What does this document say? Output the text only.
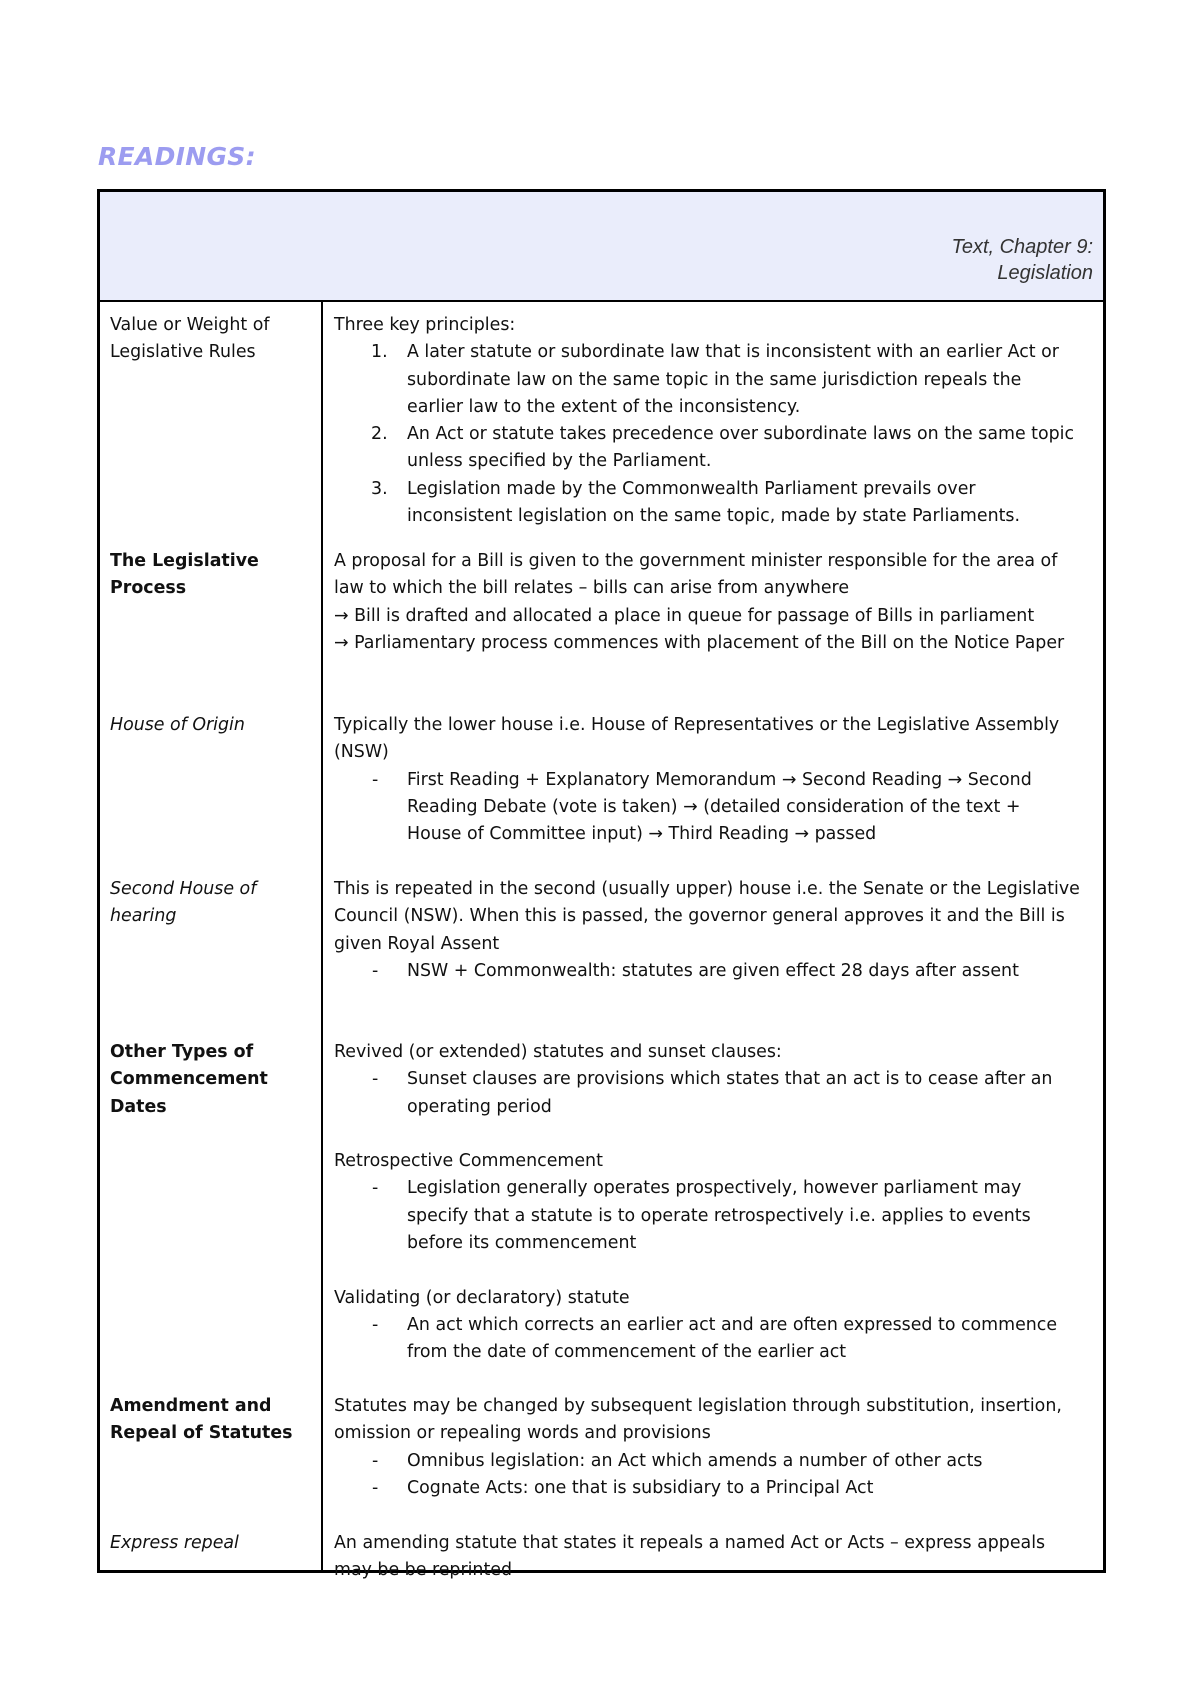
READINGS:
Text, Chapter 9:
Legislation
Value or Weight of
Legislative Rules
Three key principles:
1. A later statute or subordinate law that is inconsistent with an earlier Act or
subordinate law on the same topic in the same jurisdiction repeals the
earlier law to the extent of the inconsistency.
2. An Act or statute takes precedence over subordinate laws on the same topic
unless specified by the Parliament.
3. Legislation made by the Commonwealth Parliament prevails over
inconsistent legislation on the same topic, made by state Parliaments.
The Legislative
Process
A proposal for a Bill is given to the government minister responsible for the area of
law to which the bill relates – bills can arise from anywhere
→ Bill is drafted and allocated a place in queue for passage of Bills in parliament
→ Parliamentary process commences with placement of the Bill on the Notice Paper
House of Origin	Typically the lower house i.e. House of Representatives or the Legislative Assembly
(NSW)
- First Reading + Explanatory Memorandum → Second Reading → Second
Reading Debate (vote is taken) → (detailed consideration of the text +
House of Committee input) → Third Reading → passed
Second House of
hearing
This is repeated in the second (usually upper) house i.e. the Senate or the Legislative
Council (NSW). When this is passed, the governor general approves it and the Bill is
given Royal Assent
- NSW + Commonwealth: statutes are given effect 28 days after assent
Other Types of
Commencement
Dates
Revived (or extended) statutes and sunset clauses:
- Sunset clauses are provisions which states that an act is to cease after an
operating period
Retrospective Commencement
- Legislation generally operates prospectively, however parliament may
specify that a statute is to operate retrospectively i.e. applies to events
before its commencement
Validating (or declaratory) statute
- An act which corrects an earlier act and are often expressed to commence
from the date of commencement of the earlier act
Amendment and
Repeal of Statutes
Statutes may be changed by subsequent legislation through substitution, insertion,
omission or repealing words and provisions
- Omnibus legislation: an Act which amends a number of other acts
- Cognate Acts: one that is subsidiary to a Principal Act
Express repeal	An amending statute that states it repeals a named Act or Acts – express appeals
may be be reprinted
